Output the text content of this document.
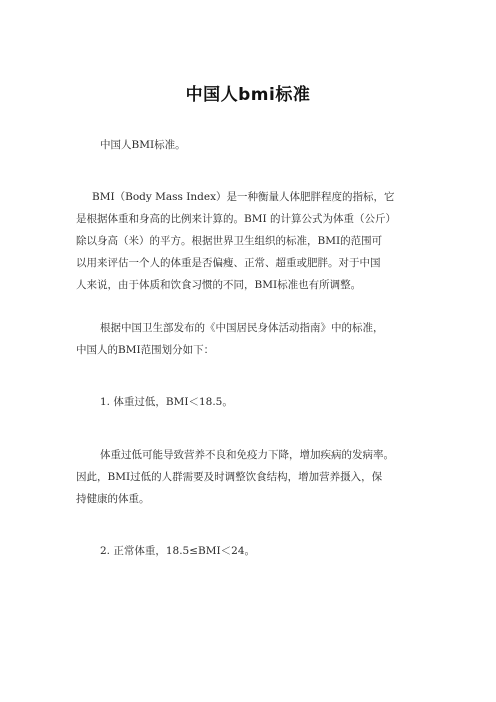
中国人bmi标准
中国人BMI标准。
BMI（Body Mass Index）是一种衡量人体肥胖程度的指标，它
是根据体重和身高的比例来计算的。BMI 的计算公式为体重（公斤）
除以身高（米）的平方。根据世界卫生组织的标准，BMI的范围可
以用来评估一个人的体重是否偏瘦、正常、超重或肥胖。对于中国
人来说，由于体质和饮食习惯的不同，BMI标准也有所调整。
根据中国卫生部发布的《中国居民身体活动指南》中的标准，
中国人的BMI范围划分如下：
1. 体重过低，BMI＜18.5。
体重过低可能导致营养不良和免疫力下降，增加疾病的发病率。
因此，BMI过低的人群需要及时调整饮食结构，增加营养摄入，保
持健康的体重。
2. 正常体重，18.5≤BMI＜24。
